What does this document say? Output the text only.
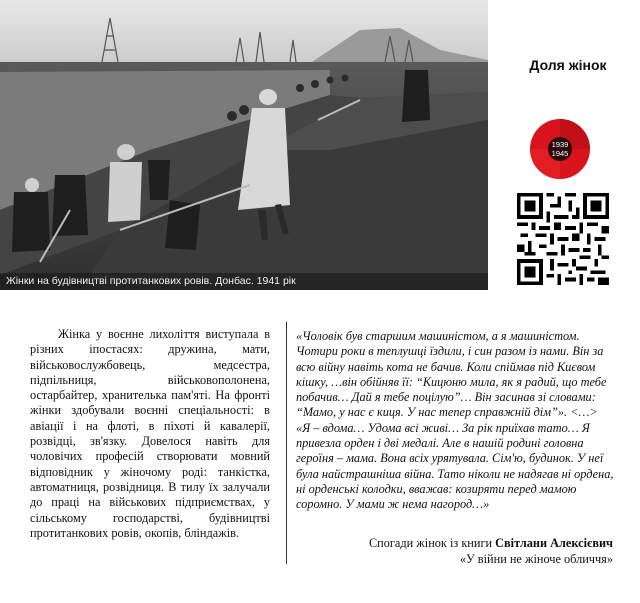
Жінки на будівництві протитанкових ровів. Донбас. 1941 рік
Доля жінок
1939
1945

Жінка у воєнне лихоліття виступала в різних іпостасях: дружина, мати, військовослужбовець, медсестра, підпільниця, військовополонена, остарбайтер, хранителька пам'яті. На фронті жінки здобували воєнні спеціальності: в авіації і на флоті, в піхоті й кавалерії, розвідці, зв'язку. Довелося навіть для чоловічих професій створювати мовний відповідник у жіночому роді: танкістка, автоматниця, розвідниця. В тилу їх залучали до праці на військових підприємствах, у сільському господарстві, будівництві протитанкових ровів, окопів, бліндажів.

«Чоловік був старшим машиністом, а я машиністом. Чотири роки в теплушці їздили, і син разом із нами. Він за всю війну навіть кота не бачив. Коли спіймав під Києвом кішку, …він обійняв її: “Кицюню мила, як я радий, що тебе побачив… Дай я тебе поцілую”… Він засинав зі словами: “Мамо, у нас є киця. У нас тепер справжній дім”». <…>

«Я – вдома… Удома всі живі… За рік приїхав тато… Я привезла орден і дві медалі. Але в нашій родині головна героїня – мама. Вона всіх урятувала. Сім'ю, будинок. У неї була найстрашніша війна. Тато ніколи не надягав ні ордена, ні орденські колодки, вважав: козиряти перед мамою соромно. У мами ж нема нагород…»

Спогади жінок із книги Світлани Алексієвич
«У війни не жіноче обличчя»
